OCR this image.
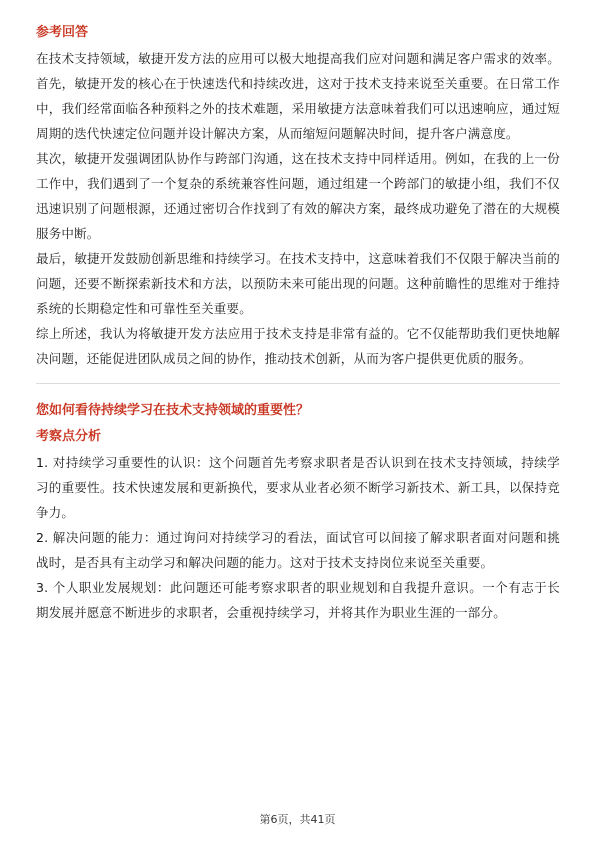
参考回答

在技术支持领域，敏捷开发方法的应用可以极大地提高我们应对问题和满足客户需求的效率。首先，敏捷开发的核心在于快速迭代和持续改进，这对于技术支持来说至关重要。在日常工作中，我们经常面临各种预料之外的技术难题，采用敏捷方法意味着我们可以迅速响应，通过短周期的迭代快速定位问题并设计解决方案，从而缩短问题解决时间，提升客户满意度。

其次，敏捷开发强调团队协作与跨部门沟通，这在技术支持中同样适用。例如，在我的上一份工作中，我们遇到了一个复杂的系统兼容性问题，通过组建一个跨部门的敏捷小组，我们不仅迅速识别了问题根源，还通过密切合作找到了有效的解决方案，最终成功避免了潜在的大规模服务中断。

最后，敏捷开发鼓励创新思维和持续学习。在技术支持中，这意味着我们不仅限于解决当前的问题，还要不断探索新技术和方法，以预防未来可能出现的问题。这种前瞻性的思维对于维持系统的长期稳定性和可靠性至关重要。

综上所述，我认为将敏捷开发方法应用于技术支持是非常有益的。它不仅能帮助我们更快地解决问题，还能促进团队成员之间的协作，推动技术创新，从而为客户提供更优质的服务。

您如何看待持续学习在技术支持领域的重要性？
考察点分析

1. 对持续学习重要性的认识：这个问题首先考察求职者是否认识到在技术支持领域，持续学习的重要性。技术快速发展和更新换代，要求从业者必须不断学习新技术、新工具，以保持竞争力。

2. 解决问题的能力：通过询问对持续学习的看法，面试官可以间接了解求职者面对问题和挑战时，是否具有主动学习和解决问题的能力。这对于技术支持岗位来说至关重要。

3. 个人职业发展规划：此问题还可能考察求职者的职业规划和自我提升意识。一个有志于长期发展并愿意不断进步的求职者，会重视持续学习，并将其作为职业生涯的一部分。

第6页，共41页
